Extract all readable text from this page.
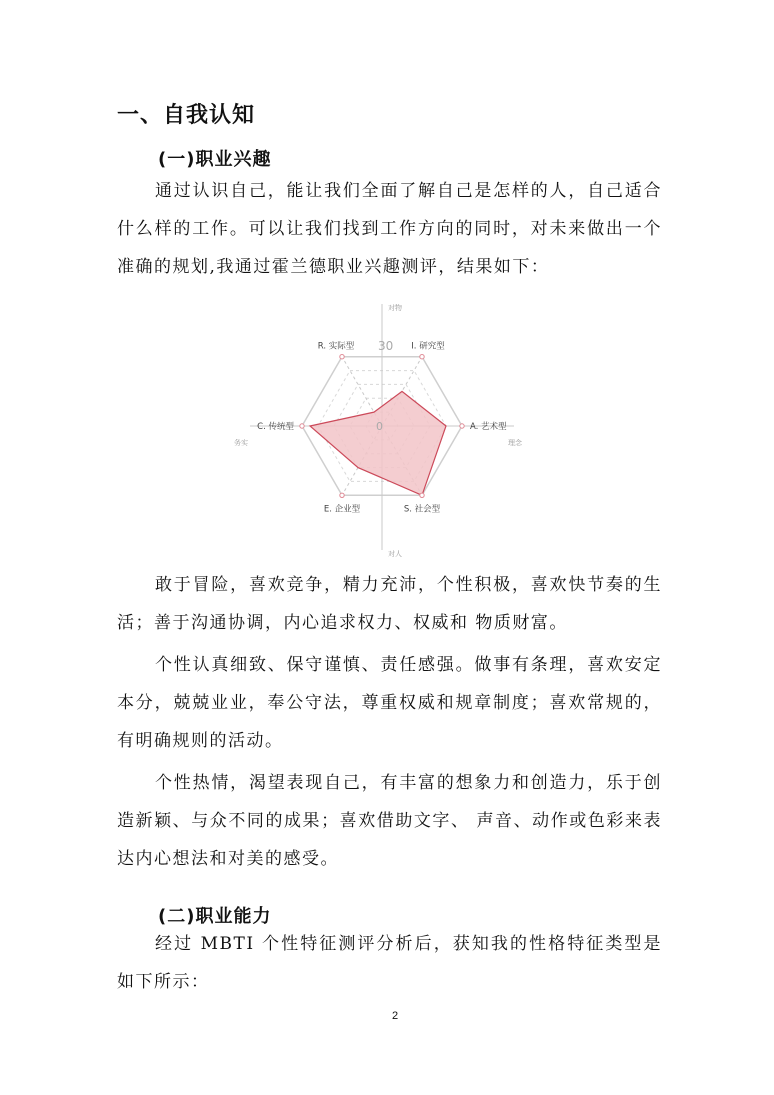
一、自我认知
(一)职业兴趣

通过认识自己，能让我们全面了解自己是怎样的人，自己适合什么样的工作。可以让我们找到工作方向的同时，对未来做出一个准确的规划,我通过霍兰德职业兴趣测评，结果如下：

R. 实际型	I. 研究型
A. 艺术型
S. 社会型
E. 企业型
C. 传统型
30
0
对物
对人
务实	理念

敢于冒险，喜欢竞争，精力充沛，个性积极，喜欢快节奏的生活；善于沟通协调，内心追求权力、权威和 物质财富。

个性认真细致、保守谨慎、责任感强。做事有条理，喜欢安定本分，兢兢业业，奉公守法，尊重权威和规章制度；喜欢常规的，有明确规则的活动。

个性热情，渴望表现自己，有丰富的想象力和创造力，乐于创造新颖、与众不同的成果；喜欢借助文字、 声音、动作或色彩来表达内心想法和对美的感受。

(二)职业能力

经过 MBTI 个性特征测评分析后，获知我的性格特征类型是如下所示：

2
